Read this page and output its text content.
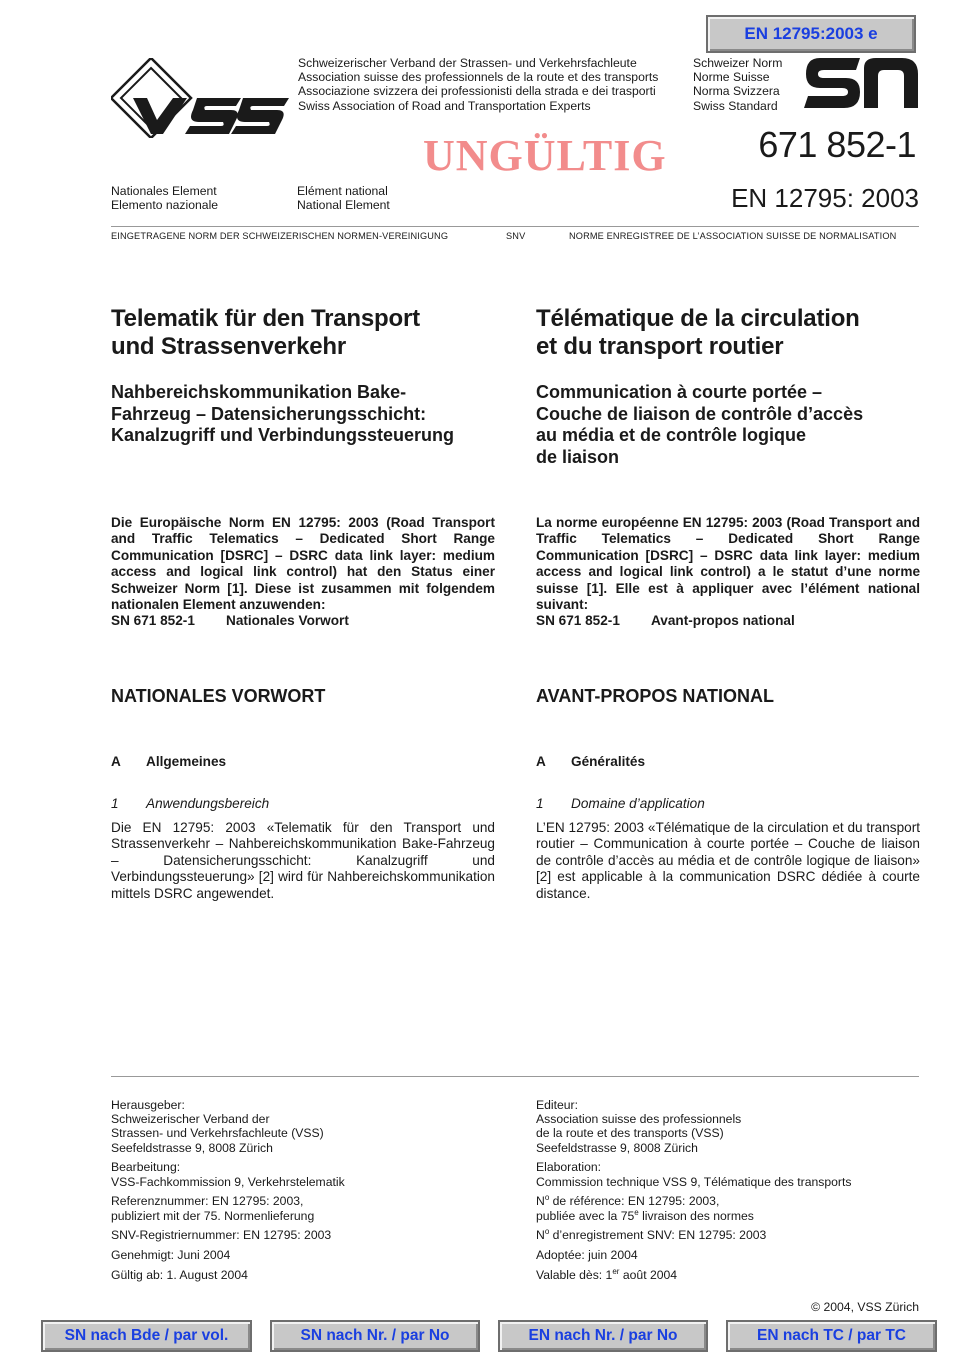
EN 12795:2003 e
Schweizerischer Verband der Strassen- und Verkehrsfachleute
Association suisse des professionnels de la route et des transports
Associazione svizzera dei professionisti della strada e dei trasporti
Swiss Association of Road and Transportation Experts
Schweizer Norm
Norme Suisse
Norma Svizzera
Swiss Standard
UNGÜLTIG	671 852-1
EN 12795: 2003
Nationales Element
Elemento nazionale
Elément national
National Element
EINGETRAGENE NORM DER SCHWEIZERISCHEN NORMEN-VEREINIGUNG	SNV	NORME ENREGISTREE DE L’ASSOCIATION SUISSE DE NORMALISATION
Telematik für den Transport
und Strassenverkehr
Nahbereichskommunikation Bake-
Fahrzeug – Datensicherungsschicht:
Kanalzugriff und Verbindungssteuerung
Die Europäische Norm EN 12795: 2003 (Road Transport and Traffic Telematics – Dedicated Short Range Communication [DSRC] – DSRC data link layer: medium access and logical link control) hat den Status einer Schweizer Norm [1]. Diese ist zusammen mit folgendem nationalen Element anzuwenden:
SN 671 852-1 Nationales Vorwort
NATIONALES VORWORT
A Allgemeines
1 Anwendungsbereich
Die EN 12795: 2003 «Telematik für den Transport und Strassenverkehr – Nahbereichskommunikation Bake-Fahrzeug – Datensicherungsschicht: Kanalzugriff und Verbindungssteuerung» [2] wird für Nahbereichskommunikation mittels DSRC angewendet.
Télématique de la circulation
et du transport routier
Communication à courte portée –
Couche de liaison de contrôle d’accès
au média et de contrôle logique
de liaison
La norme européenne EN 12795: 2003 (Road Transport and Traffic Telematics – Dedicated Short Range Communication [DSRC] – DSRC data link layer: medium access and logical link control) a le statut d’une norme suisse [1]. Elle est à appliquer avec l’élément national suivant:
SN 671 852-1 Avant-propos national
AVANT-PROPOS NATIONAL
A Généralités
1 Domaine d’application
L’EN 12795: 2003 «Télématique de la circulation et du transport routier – Communication à courte portée – Couche de liaison de contrôle d’accès au média et de contrôle logique de liaison» [2] est applicable à la communication DSRC dédiée à courte distance.

Herausgeber:
Schweizerischer Verband der
Strassen- und Verkehrsfachleute (VSS)
Seefeldstrasse 9, 8008 Zürich

Bearbeitung:
VSS-Fachkommission 9, Verkehrstelematik

Referenznummer: EN 12795: 2003,
publiziert mit der 75. Normenlieferung

SNV-Registriernummer: EN 12795: 2003

Genehmigt: Juni 2004

Gültig ab: 1. August 2004

Editeur:
Association suisse des professionnels
de la route et des transports (VSS)
Seefeldstrasse 9, 8008 Zürich

Elaboration:
Commission technique VSS 9, Télématique des transports

$N^o$ de référence: EN 12795: 2003,
publiée avec la 75e livraison des normes

$N^o$ d’enregistrement SNV: EN 12795: 2003

Adoptée: juin 2004

Valable dès: 1er août 2004

© 2004, VSS Zürich
SN nach Bde / par vol.	SN nach Nr. / par No	EN nach Nr. / par No	EN nach TC / par TC
